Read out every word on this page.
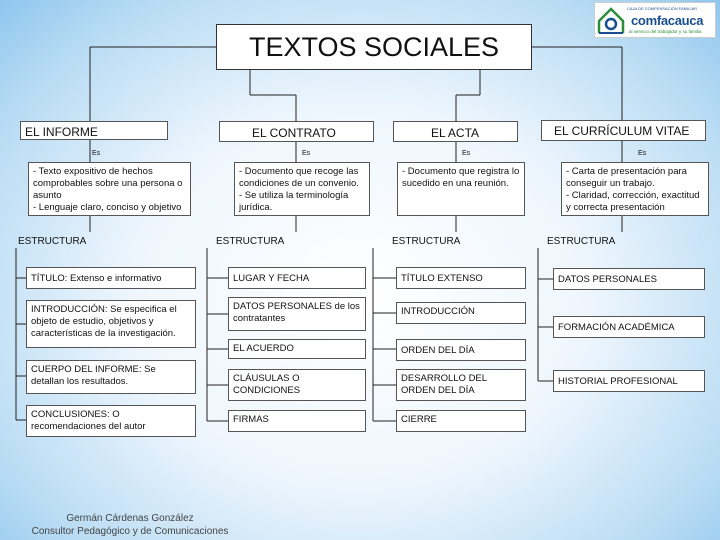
CAJA DE COMPENSACIÓN FAMILIAR
comfacauca
al servicio del trabajador y su familia
TEXTOS SOCIALES
EL INFORME	EL CONTRATO	EL ACTA	EL CURRÍCULUM VITAE
Es	Es	Es	Es
- Texto expositivo de hechos comprobables sobre una persona o asunto
- Lenguaje claro, conciso y objetivo
- Documento que recoge las condiciones de un convenio.
- Se utiliza la terminología jurídica.
- Documento que registra lo sucedido en una reunión.
- Carta de presentación para conseguir un trabajo.
- Claridad, corrección, exactitud y correcta presentación
ESTRUCTURA	ESTRUCTURA	ESTRUCTURA	ESTRUCTURA
TÍTULO: Extenso e informativo
INTRODUCCIÓN: Se especifica el objeto de estudio, objetivos y características de la investigación.
CUERPO DEL INFORME: Se detallan los resultados.
CONCLUSIONES: O recomendaciones del autor
LUGAR Y FECHA
DATOS PERSONALES de los contratantes
EL ACUERDO
CLÁUSULAS O CONDICIONES
FIRMAS
TÍTULO EXTENSO
INTRODUCCIÓN
ORDEN DEL DÍA
DESARROLLO DEL ORDEN DEL DÍA
CIERRE
DATOS PERSONALES
FORMACIÓN ACADÉMICA
HISTORIAL PROFESIONAL
Germán Cárdenas González
Consultor Pedagógico y de Comunicaciones
